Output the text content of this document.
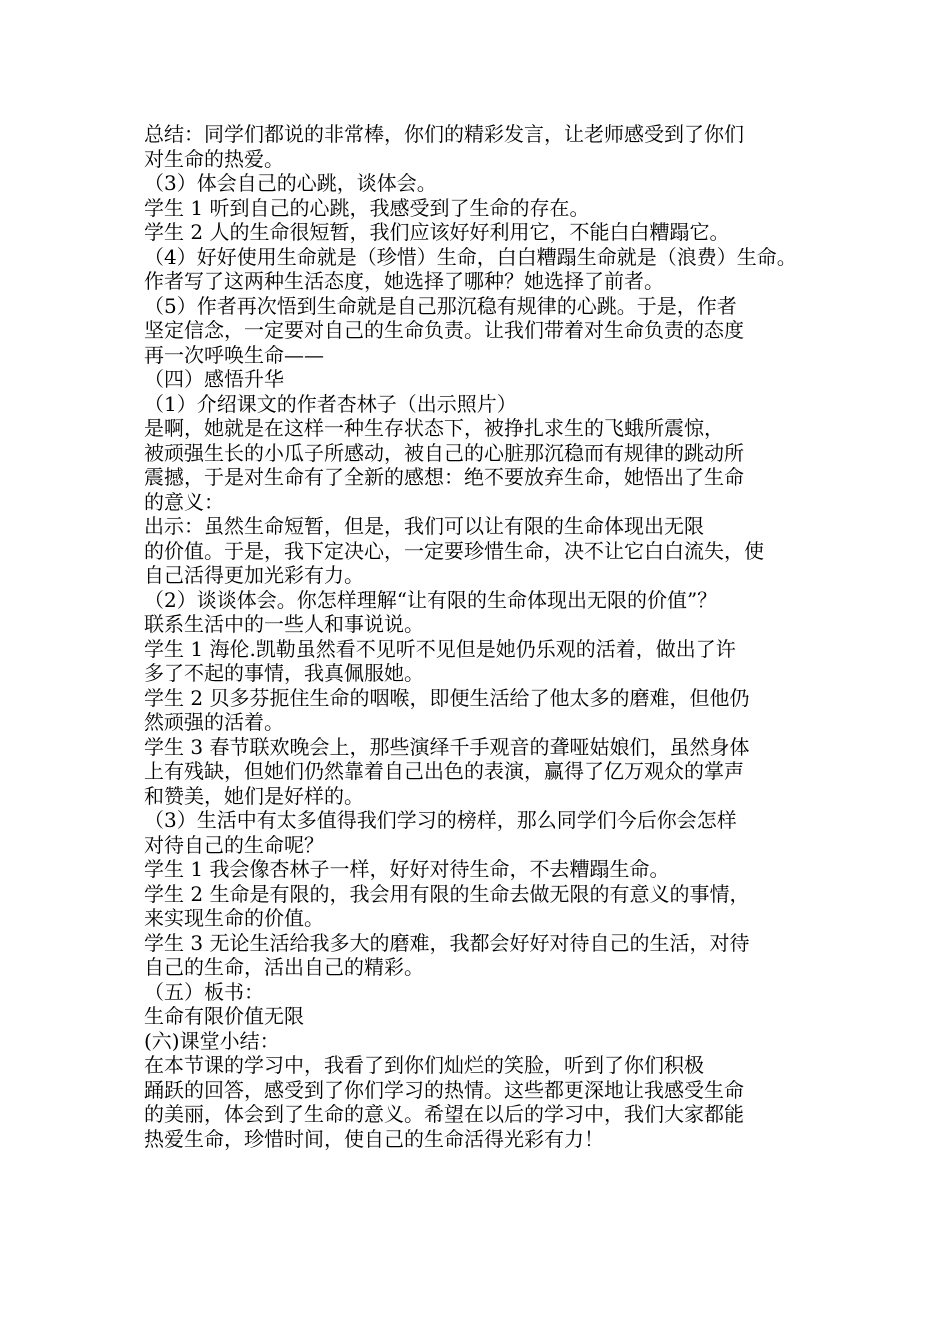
总结：同学们都说的非常棒，你们的精彩发言，让老师感受到了你们
对生命的热爱。
（3）体会自己的心跳，谈体会。
学生 1 听到自己的心跳，我感受到了生命的存在。
学生 2 人的生命很短暂，我们应该好好利用它，不能白白糟蹋它。
（4）好好使用生命就是（珍惜）生命，白白糟蹋生命就是（浪费）生命。
作者写了这两种生活态度，她选择了哪种？她选择了前者。
（5）作者再次悟到生命就是自己那沉稳有规律的心跳。于是，作者
坚定信念，一定要对自己的生命负责。让我们带着对生命负责的态度
再一次呼唤生命——
（四）感悟升华
（1）介绍课文的作者杏林子（出示照片）
是啊，她就是在这样一种生存状态下，被挣扎求生的飞蛾所震惊，
被顽强生长的小瓜子所感动，被自己的心脏那沉稳而有规律的跳动所
震撼，于是对生命有了全新的感想：绝不要放弃生命，她悟出了生命
的意义：
出示：虽然生命短暂，但是，我们可以让有限的生命体现出无限
的价值。于是，我下定决心，一定要珍惜生命，决不让它白白流失，使
自己活得更加光彩有力。
（2）谈谈体会。你怎样理解“让有限的生命体现出无限的价值”？
联系生活中的一些人和事说说。
学生 1 海伦.凯勒虽然看不见听不见但是她仍乐观的活着，做出了许
多了不起的事情，我真佩服她。
学生 2 贝多芬扼住生命的咽喉，即便生活给了他太多的磨难，但他仍
然顽强的活着。
学生 3 春节联欢晚会上，那些演绎千手观音的聋哑姑娘们，虽然身体
上有残缺，但她们仍然靠着自己出色的表演，赢得了亿万观众的掌声
和赞美，她们是好样的。
（3）生活中有太多值得我们学习的榜样，那么同学们今后你会怎样
对待自己的生命呢？
学生 1 我会像杏林子一样，好好对待生命，不去糟蹋生命。
学生 2 生命是有限的，我会用有限的生命去做无限的有意义的事情，
来实现生命的价值。
学生 3 无论生活给我多大的磨难，我都会好好对待自己的生活，对待
自己的生命，活出自己的精彩。
（五）板书：
生命有限价值无限
(六)课堂小结：
在本节课的学习中，我看了到你们灿烂的笑脸，听到了你们积极
踊跃的回答，感受到了你们学习的热情。这些都更深地让我感受生命
的美丽，体会到了生命的意义。希望在以后的学习中，我们大家都能
热爱生命，珍惜时间，使自己的生命活得光彩有力！
